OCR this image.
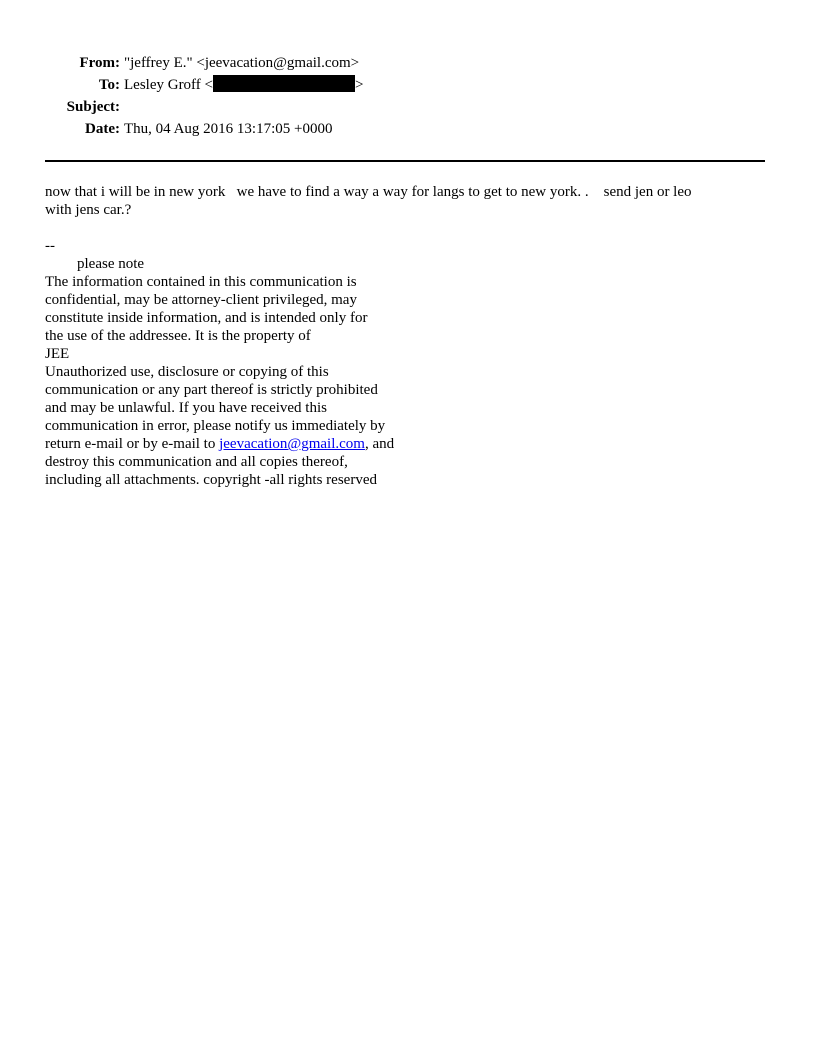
From: "jeffrey E." <jeevacation@gmail.com>
To: Lesley Groff <	>
Subject:
Date: Thu, 04 Aug 2016 13:17:05 +0000
now that i will be in new york   we have to find a way a way for langs to get to new york. .    send jen or leo
with jens car.?
--
please note
The information contained in this communication is
confidential, may be attorney-client privileged, may
constitute inside information, and is intended only for
the use of the addressee. It is the property of
JEE
Unauthorized use, disclosure or copying of this
communication or any part thereof is strictly prohibited
and may be unlawful. If you have received this
communication in error, please notify us immediately by
return e-mail or by e-mail to jeevacation@gmail.com, and
destroy this communication and all copies thereof,
including all attachments. copyright -all rights reserved
